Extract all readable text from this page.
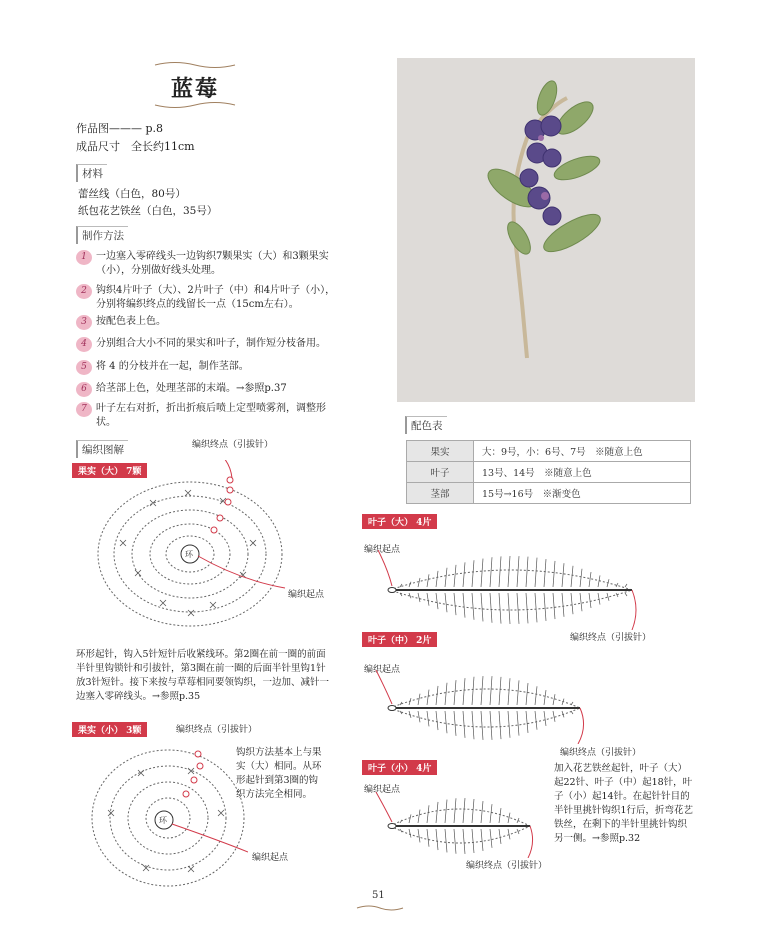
蓝莓
作品图——— p.8
成品尺寸　全长约11cm
材料
蕾丝线（白色，80号）
纸包花艺铁丝（白色，35号）
制作方法
1 一边塞入零碎线头一边钩织7颗果实（大）和3颗果实（小），分别做好线头处理。
2 钩织4片叶子（大）、2片叶子（中）和4片叶子（小），分别将编织终点的线留长一点（15cm左右）。
3 按配色表上色。
4 分别组合大小不同的果实和叶子，制作短分枝备用。
5 将 4 的分枝并在一起，制作茎部。
6 给茎部上色，处理茎部的末端。→参照p.37
7 叶子左右对折，折出折痕后喷上定型喷雾剂，调整形状。
编织图解
果实（大） 7颗
编织终点（引拔针）
编织起点
环
环形起针，钩入5针短针后收紧线环。第2圈在前一圈的前面半针里钩锁针和引拔针，第3圈在前一圈的后面半针里钩1针放3针短针。接下来按与草莓相同要领钩织，一边加、减针一边塞入零碎线头。→参照p.35
果实（小） 3颗	编织终点（引拔针）
编织起点
环
钩织方法基本上与果实（大）相同。从环形起针到第3圈的钩织方法完全相同。
配色表
果实	大：9号，小：6号、7号　※随意上色
叶子	13号、14号　※随意上色
茎部	15号→16号　※渐变色
叶子（大） 4片
编织起点
编织终点（引拔针）
叶子（中） 2片
编织起点
编织终点（引拔针）
叶子（小） 4片
编织起点
编织终点（引拔针）
加入花艺铁丝起针，叶子（大）起22针、叶子（中）起18针，叶子（小）起14针。在起针针目的半针里挑针钩织1行后，折弯花艺铁丝，在剩下的半针里挑针钩织另一侧。→参照p.32
51
